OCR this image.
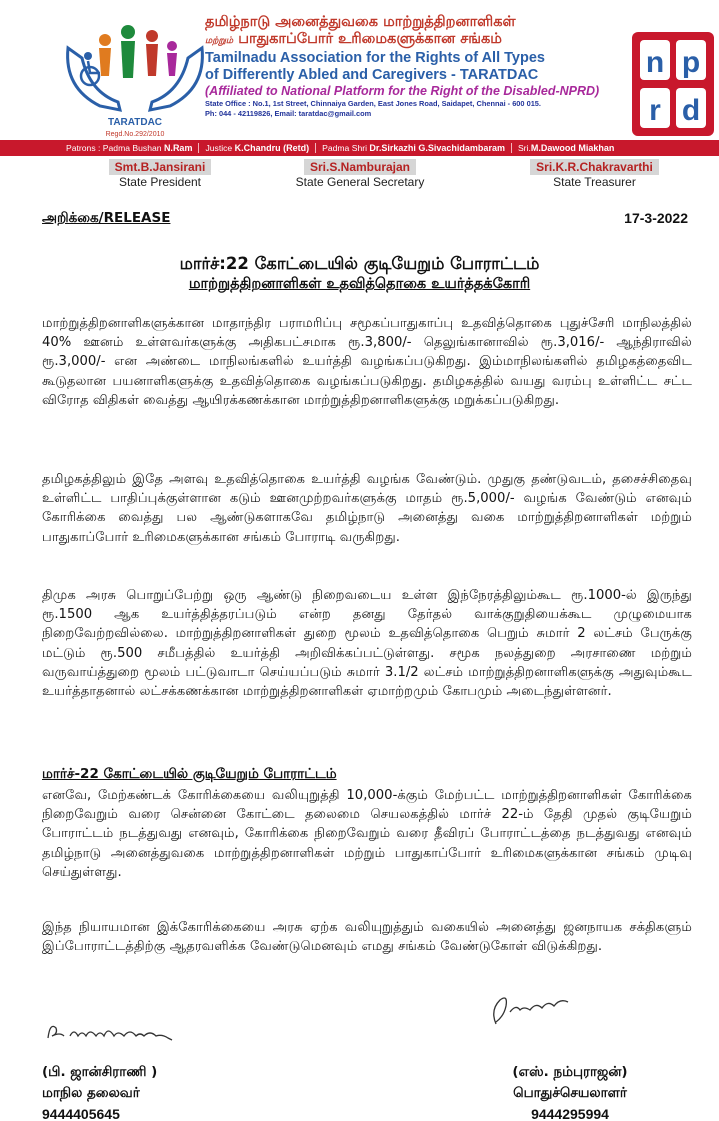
TARATDAC
Regd.No.292/2010
தமிழ்நாடு அனைத்துவகை மாற்றுத்திறனாளிகள்
மற்றும் பாதுகாப்போர் உரிமைகளுக்கான சங்கம்
Tamilnadu Association for the Rights of All Types
of Differently Abled and Caregivers - TARATDAC
(Affiliated to National Platform for the Right of the Disabled-NPRD)
State Office : No.1, 1st Street, Chinnaiya Garden, East Jones Road, Saidapet, Chennai - 600 015.
Ph: 044 - 42119826, Email: taratdac@gmail.com
n p
r d
Patrons : Padma Bushan N.Ram	Justice K.Chandru (Retd)	Padma Shri Dr.Sirkazhi G.Sivachidambaram	Sri.M.Dawood Miakhan
Smt.B.Jansirani
State President
Sri.S.Namburajan
State General Secretary
Sri.K.R.Chakravarthi
State Treasurer
அறிக்கை/RELEASE	17-3-2022
மார்ச்:22 கோட்டையில் குடியேறும் போராட்டம்
மாற்றுத்திறனாளிகள் உதவித்தொகை உயர்த்தக்கோரி

மாற்றுத்திறனாளிகளுக்கான மாதாந்திர பராமரிப்பு சமூகப்பாதுகாப்பு உதவித்தொகை புதுச்சேரி மாநிலத்தில் 40% ஊனம் உள்ளவர்களுக்கு அதிகபட்சமாக ரூ.3,800/- தெலுங்கானாவில் ரூ.3,016/- ஆந்திராவில் ரூ.3,000/- என அண்டை மாநிலங்களில் உயர்த்தி வழங்கப்படுகிறது. இம்மாநிலங்களில் தமிழகத்தைவிட கூடுதலான பயனாளிகளுக்கு உதவித்தொகை வழங்கப்படுகிறது. தமிழகத்தில் வயது வரம்பு உள்ளிட்ட சட்ட விரோத விதிகள் வைத்து ஆயிரக்கணக்கான மாற்றுத்திறனாளிகளுக்கு மறுக்கப்படுகிறது.

தமிழகத்திலும் இதே அளவு உதவித்தொகை உயர்த்தி வழங்க வேண்டும். முதுகு தண்டுவடம், தசைச்சிதைவு உள்ளிட்ட பாதிப்புக்குள்ளான கடும் ஊனமுற்றவர்களுக்கு மாதம் ரூ.5,000/- வழங்க வேண்டும் எனவும் கோரிக்கை வைத்து பல ஆண்டுகளாகவே தமிழ்நாடு அனைத்து வகை மாற்றுத்திறனாளிகள் மற்றும் பாதுகாப்போர் உரிமைகளுக்கான சங்கம் போராடி வருகிறது.

திமுக அரசு பொறுப்பேற்று ஒரு ஆண்டு நிறைவடைய உள்ள இந்நேரத்திலும்கூட ரூ.1000-ல் இருந்து ரூ.1500 ஆக உயர்த்தித்தரப்படும் என்ற தனது தேர்தல் வாக்குறுதியைக்கூட முழுமையாக நிறைவேற்றவில்லை. மாற்றுத்திறனாளிகள் துறை மூலம் உதவித்தொகை பெறும் சுமார் 2 லட்சம் பேருக்கு மட்டும் ரூ.500 சமீபத்தில் உயர்த்தி அறிவிக்கப்பட்டுள்ளது. சமூக நலத்துறை அரசாணை மற்றும் வருவாய்த்துறை மூலம் பட்டுவாடா செய்யப்படும் சுமார் 3.1/2 லட்சம் மாற்றுத்திறனாளிகளுக்கு அதுவும்கூட உயர்த்தாதனால் லட்சக்கணக்கான மாற்றுத்திறனாளிகள் ஏமாற்றமும் கோபமும் அடைந்துள்ளனர்.

மார்ச்-22 கோட்டையில் குடியேறும் போராட்டம்

எனவே, மேற்கண்டக் கோரிக்கையை வலியுறுத்தி 10,000-க்கும் மேற்பட்ட மாற்றுத்திறனாளிகள் கோரிக்கை நிறைவேறும் வரை சென்னை கோட்டை தலைமை செயலகத்தில் மார்ச் 22-ம் தேதி முதல் குடியேறும் போராட்டம் நடத்துவது எனவும், கோரிக்கை நிறைவேறும் வரை தீவிரப் போராட்டத்தை நடத்துவது எனவும் தமிழ்நாடு அனைத்துவகை மாற்றுத்திறனாளிகள் மற்றும் பாதுகாப்போர் உரிமைகளுக்கான சங்கம் முடிவு செய்துள்ளது.

இந்த நியாயமான இக்கோரிக்கையை அரசு ஏற்க வலியுறுத்தும் வகையில் அனைத்து ஜனநாயக சக்திகளும் இப்போராட்டத்திற்கு ஆதரவளிக்க வேண்டுமெனவும் எமது சங்கம் வேண்டுகோள் விடுக்கிறது.

(பி. ஜான்சிராணி )
மாநில தலைவர்
9444405645
(எஸ். நம்புராஜன்)
பொதுச்செயலாளர்
9444295994
